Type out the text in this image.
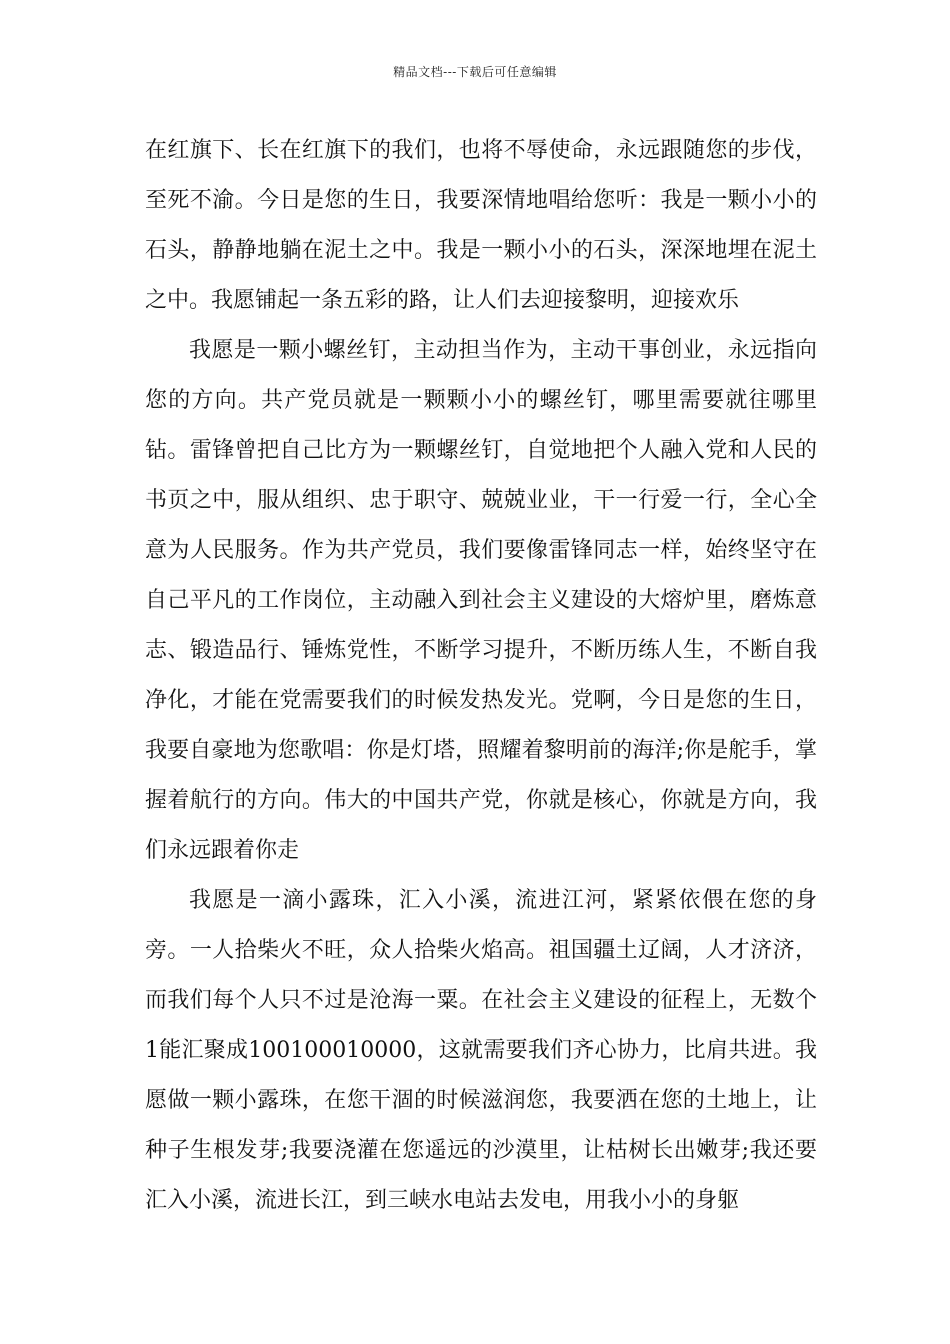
精品文档---下载后可任意编辑

在红旗下、长在红旗下的我们，也将不辱使命，永远跟随您的步伐，至死不渝。今日是您的生日，我要深情地唱给您听：我是一颗小小的石头，静静地躺在泥土之中。我是一颗小小的石头，深深地埋在泥土之中。我愿铺起一条五彩的路，让人们去迎接黎明，迎接欢乐

我愿是一颗小螺丝钉，主动担当作为，主动干事创业，永远指向您的方向。共产党员就是一颗颗小小的螺丝钉，哪里需要就往哪里钻。雷锋曾把自己比方为一颗螺丝钉，自觉地把个人融入党和人民的书页之中，服从组织、忠于职守、兢兢业业，干一行爱一行，全心全意为人民服务。作为共产党员，我们要像雷锋同志一样，始终坚守在自己平凡的工作岗位，主动融入到社会主义建设的大熔炉里，磨炼意志、锻造品行、锤炼党性，不断学习提升，不断历练人生，不断自我净化，才能在党需要我们的时候发热发光。党啊，今日是您的生日，我要自豪地为您歌唱：你是灯塔，照耀着黎明前的海洋;你是舵手，掌握着航行的方向。伟大的中国共产党，你就是核心，你就是方向，我们永远跟着你走

我愿是一滴小露珠，汇入小溪，流进江河，紧紧依偎在您的身旁。一人拾柴火不旺，众人拾柴火焰高。祖国疆土辽阔，人才济济，而我们每个人只不过是沧海一粟。在社会主义建设的征程上，无数个1能汇聚成100100010000，这就需要我们齐心协力，比肩共进。我愿做一颗小露珠，在您干涸的时候滋润您，我要洒在您的土地上，让种子生根发芽;我要浇灌在您遥远的沙漠里，让枯树长出嫩芽;我还要汇入小溪，流进长江，到三峡水电站去发电，用我小小的身躯
